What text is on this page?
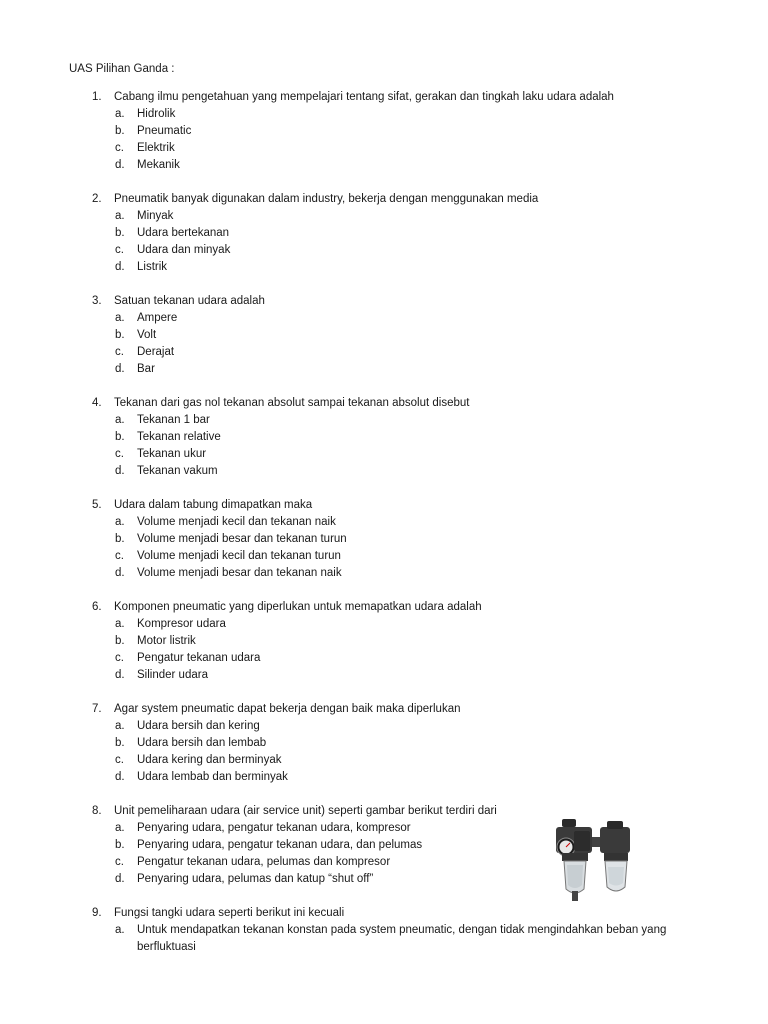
UAS Pilihan Ganda :
1. Cabang ilmu pengetahuan yang mempelajari tentang sifat, gerakan dan tingkah laku udara adalah
a. Hidrolik
b. Pneumatic
c. Elektrik
d. Mekanik
2. Pneumatik banyak digunakan dalam industry, bekerja dengan menggunakan media
a. Minyak
b. Udara bertekanan
c. Udara dan minyak
d. Listrik
3. Satuan tekanan udara adalah
a. Ampere
b. Volt
c. Derajat
d. Bar
4. Tekanan dari gas nol tekanan absolut sampai tekanan absolut disebut
a. Tekanan 1 bar
b. Tekanan relative
c. Tekanan ukur
d. Tekanan vakum
5. Udara dalam tabung dimapatkan maka
a. Volume menjadi kecil dan tekanan naik
b. Volume menjadi besar dan tekanan turun
c. Volume menjadi kecil dan tekanan turun
d. Volume menjadi besar dan tekanan naik
6. Komponen pneumatic yang diperlukan untuk memapatkan udara adalah
a. Kompresor udara
b. Motor listrik
c. Pengatur tekanan udara
d. Silinder udara
7. Agar system pneumatic dapat bekerja dengan baik maka diperlukan
a. Udara bersih dan kering
b. Udara bersih dan lembab
c. Udara kering dan berminyak
d. Udara lembab dan berminyak
8. Unit pemeliharaan udara (air service unit) seperti gambar berikut terdiri dari
a. Penyaring udara, pengatur tekanan udara, kompresor
b. Penyaring udara, pengatur tekanan udara, dan pelumas
c. Pengatur tekanan udara, pelumas dan kompresor
d. Penyaring udara, pelumas dan katup “shut off”
9. Fungsi tangki udara seperti berikut ini kecuali
a. Untuk mendapatkan tekanan konstan pada system pneumatic, dengan tidak mengindahkan beban yang berfluktuasi
